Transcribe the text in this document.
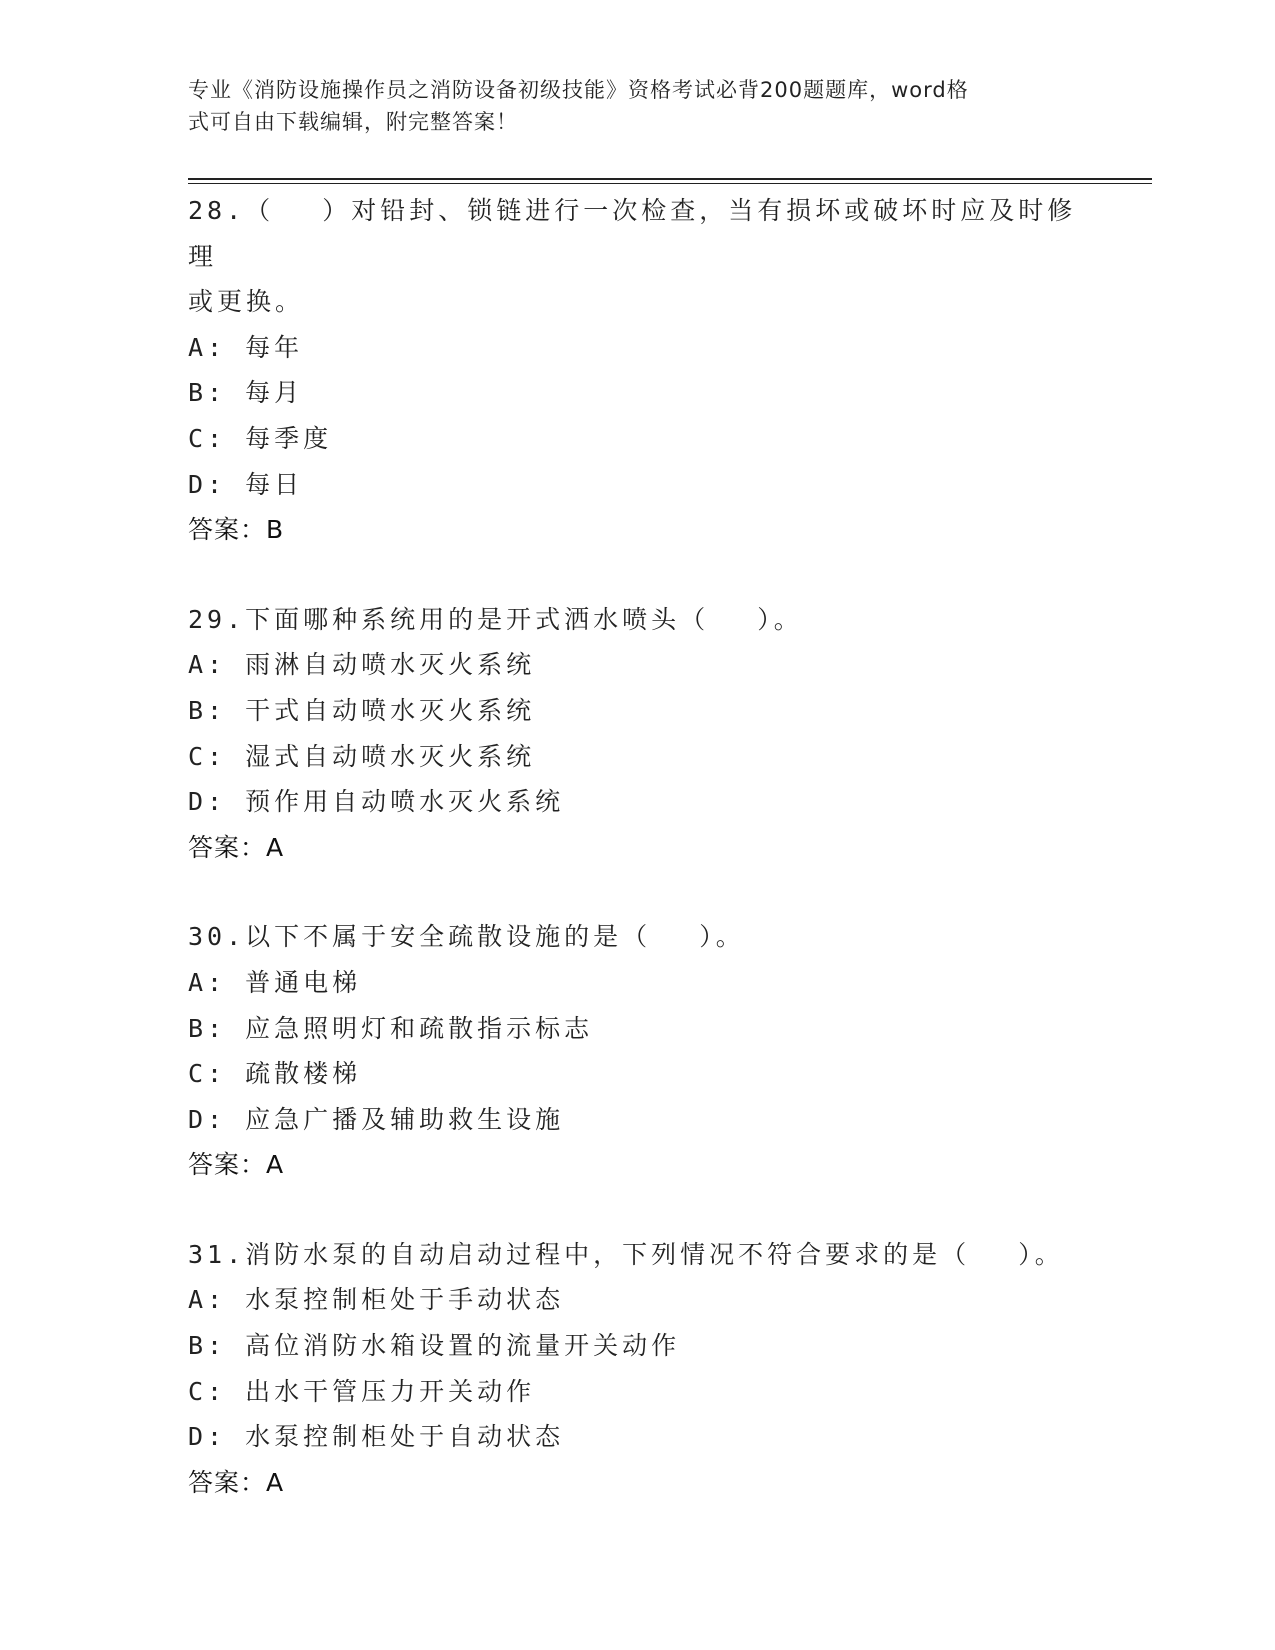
专业《消防设施操作员之消防设备初级技能》资格考试必背200题题库，word格
式可自由下载编辑，附完整答案！
28.（　 ）对铅封、锁链进行一次检查，当有损坏或破坏时应及时修理
或更换。
A: 每年
B: 每月
C: 每季度
D: 每日
答案：B
29.下面哪种系统用的是开式洒水喷头（　 ）。
A: 雨淋自动喷水灭火系统
B: 干式自动喷水灭火系统
C: 湿式自动喷水灭火系统
D: 预作用自动喷水灭火系统
答案：A
30.以下不属于安全疏散设施的是（　 ）。
A: 普通电梯
B: 应急照明灯和疏散指示标志
C: 疏散楼梯
D: 应急广播及辅助救生设施
答案：A
31.消防水泵的自动启动过程中，下列情况不符合要求的是（　 ）。
A: 水泵控制柜处于手动状态
B: 高位消防水箱设置的流量开关动作
C: 出水干管压力开关动作
D: 水泵控制柜处于自动状态
答案：A
